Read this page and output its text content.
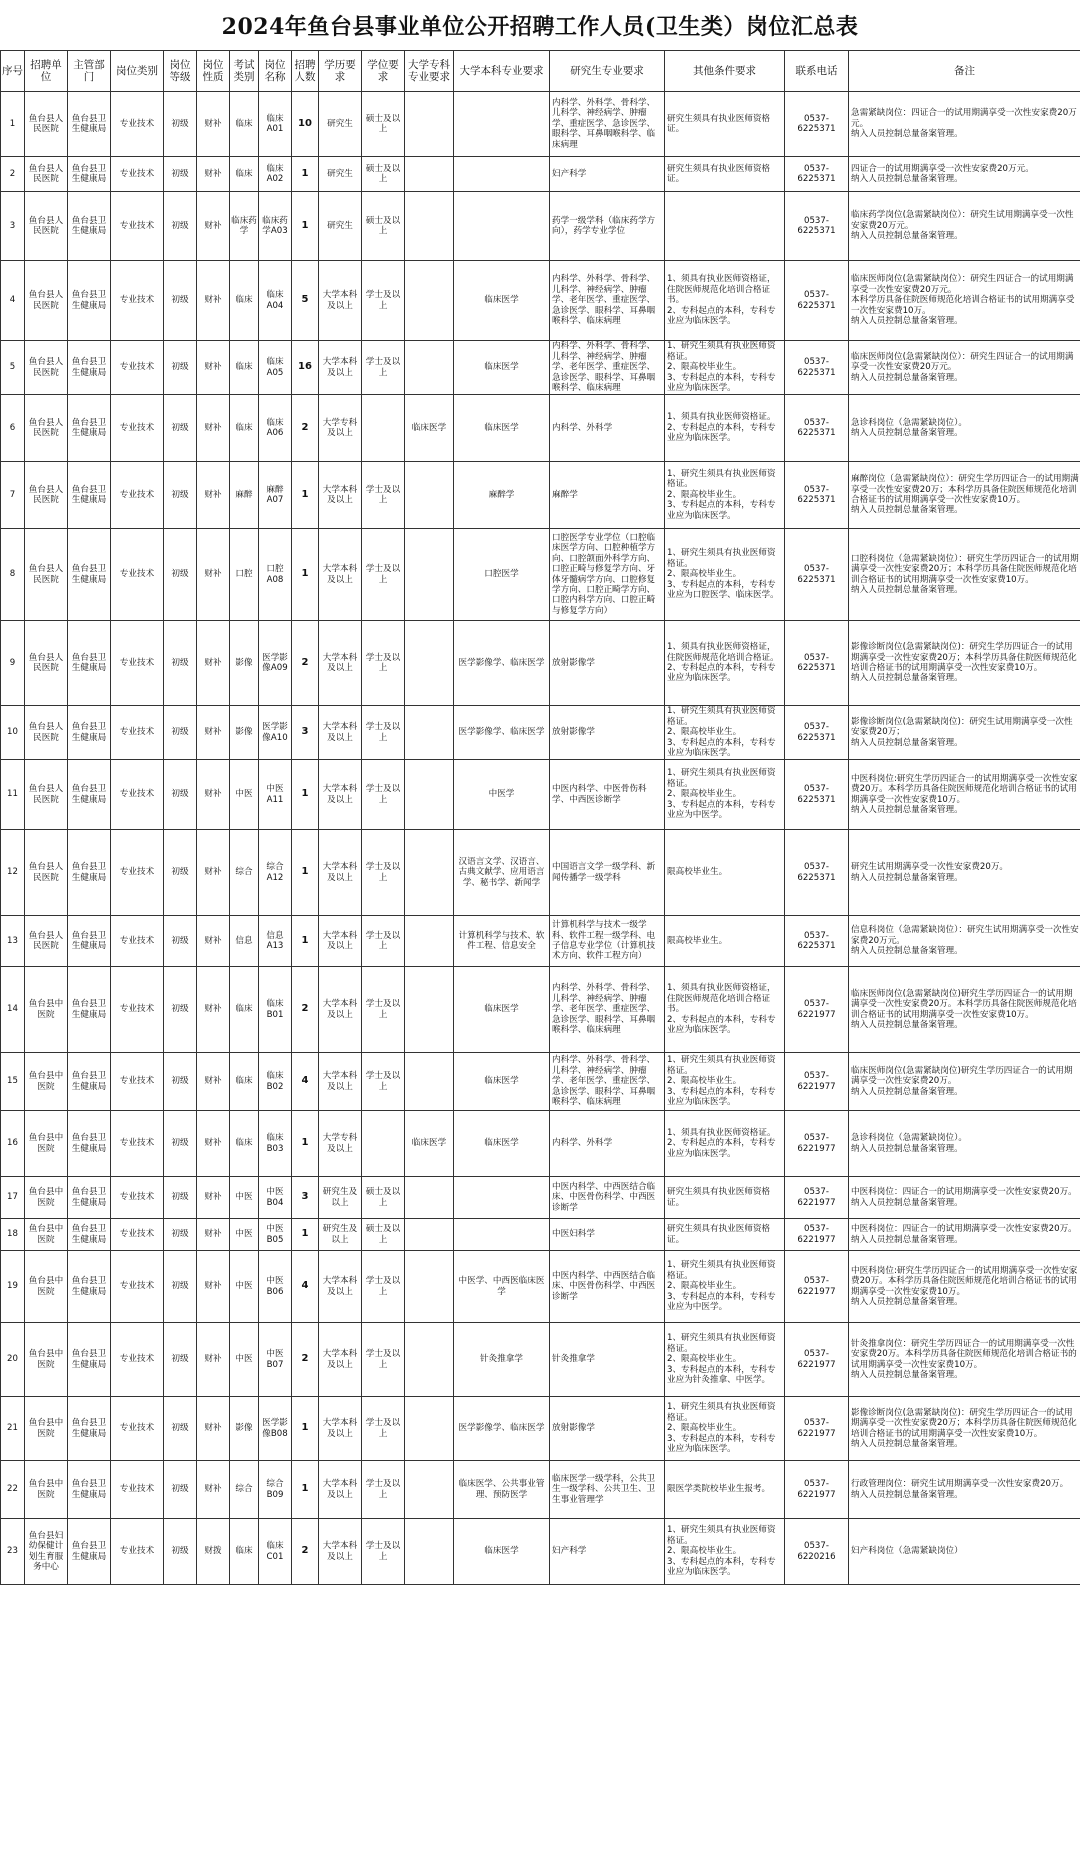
2024年鱼台县事业单位公开招聘工作人员(卫生类）岗位汇总表
序号	招聘单位	主管部门	岗位类别	岗位等级	岗位性质	考试类别	岗位名称	招聘人数	学历要求	学位要求	大学专科专业要求	大学本科专业要求	研究生专业要求	其他条件要求	联系电话	备注
1	鱼台县人民医院	鱼台县卫生健康局	专业技术	初级	财补	临床	临床A01	10	研究生	硕士及以上			内科学、外科学、骨科学、儿科学、神经病学、肿瘤学、重症医学、急诊医学、眼科学、耳鼻咽喉科学、临床病理	研究生须具有执业医师资格证。	0537-6225371	急需紧缺岗位：四证合一的试用期满享受一次性安家费20万元。
纳入人员控制总量备案管理。
2	鱼台县人民医院	鱼台县卫生健康局	专业技术	初级	财补	临床	临床A02	1	研究生	硕士及以上			妇产科学	研究生须具有执业医师资格证。	0537-6225371	四证合一的试用期满享受一次性安家费20万元。
纳入人员控制总量备案管理。
3	鱼台县人民医院	鱼台县卫生健康局	专业技术	初级	财补	临床药学	临床药学A03	1	研究生	硕士及以上			药学一级学科（临床药学方向），药学专业学位		0537-6225371	临床药学岗位(急需紧缺岗位）：研究生试用期满享受一次性安家费20万元。
纳入人员控制总量备案管理。
4	鱼台县人民医院	鱼台县卫生健康局	专业技术	初级	财补	临床	临床A04	5	大学本科及以上	学士及以上		临床医学	内科学、外科学、骨科学、儿科学、神经病学、肿瘤学、老年医学、重症医学、急诊医学、眼科学、耳鼻咽喉科学、临床病理	1、须具有执业医师资格证，住院医师规范化培训合格证书。
2、专科起点的本科，专科专业应为临床医学。	0537-6225371	临床医师岗位(急需紧缺岗位）：研究生四证合一的试用期满享受一次性安家费20万元。
本科学历具备住院医师规范化培训合格证书的试用期满享受一次性安家费10万。
纳入人员控制总量备案管理。
5	鱼台县人民医院	鱼台县卫生健康局	专业技术	初级	财补	临床	临床A05	16	大学本科及以上	学士及以上		临床医学	内科学、外科学、骨科学、儿科学、神经病学、肿瘤学、老年医学、重症医学、急诊医学、眼科学、耳鼻咽喉科学、临床病理	1、研究生须具有执业医师资格证。
2、限高校毕业生。
3、专科起点的本科，专科专业应为临床医学。	0537-6225371	临床医师岗位(急需紧缺岗位）：研究生四证合一的试用期满享受一次性安家费20万元。
纳入人员控制总量备案管理。
6	鱼台县人民医院	鱼台县卫生健康局	专业技术	初级	财补	临床	临床A06	2	大学专科及以上		临床医学	临床医学	内科学、外科学	1、须具有执业医师资格证。
2、专科起点的本科，专科专业应为临床医学。	0537-6225371	急诊科岗位（急需紧缺岗位）。
纳入人员控制总量备案管理。
7	鱼台县人民医院	鱼台县卫生健康局	专业技术	初级	财补	麻醉	麻醉A07	1	大学本科及以上	学士及以上		麻醉学	麻醉学	1、研究生须具有执业医师资格证。
2、限高校毕业生。
3、专科起点的本科，专科专业应为临床医学。	0537-6225371	麻醉岗位（急需紧缺岗位）：研究生学历四证合一的试用期满享受一次性安家费20万；本科学历具备住院医师规范化培训合格证书的试用期满享受一次性安家费10万。
纳入人员控制总量备案管理。
8	鱼台县人民医院	鱼台县卫生健康局	专业技术	初级	财补	口腔	口腔A08	1	大学本科及以上	学士及以上		口腔医学	口腔医学专业学位（口腔临床医学方向、口腔种植学方向、口腔颌面外科学方向、口腔正畸与修复学方向、牙体牙髓病学方向、口腔修复学方向、口腔正畸学方向、口腔内科学方向、口腔正畸与修复学方向）	1、研究生须具有执业医师资格证。
2、限高校毕业生。
3、专科起点的本科，专科专业应为口腔医学、临床医学。	0537-6225371	口腔科岗位（急需紧缺岗位）：研究生学历四证合一的试用期满享受一次性安家费20万；本科学历具备住院医师规范化培训合格证书的试用期满享受一次性安家费10万。
纳入人员控制总量备案管理。
9	鱼台县人民医院	鱼台县卫生健康局	专业技术	初级	财补	影像	医学影像A09	2	大学本科及以上	学士及以上		医学影像学、临床医学	放射影像学	1、须具有执业医师资格证，住院医师规范化培训合格证。
2、专科起点的本科，专科专业应为临床医学。	0537-6225371	影像诊断岗位(急需紧缺岗位)：研究生学历四证合一的试用期满享受一次性安家费20万；本科学历具备住院医师规范化培训合格证书的试用期满享受一次性安家费10万。
纳入人员控制总量备案管理。
10	鱼台县人民医院	鱼台县卫生健康局	专业技术	初级	财补	影像	医学影像A10	3	大学本科及以上	学士及以上		医学影像学、临床医学	放射影像学	1、研究生须具有执业医师资格证。
2、限高校毕业生。
3、专科起点的本科，专科专业应为临床医学。	0537-6225371	影像诊断岗位(急需紧缺岗位)：研究生试用期满享受一次性安家费20万；
纳入人员控制总量备案管理。
11	鱼台县人民医院	鱼台县卫生健康局	专业技术	初级	财补	中医	中医A11	1	大学本科及以上	学士及以上		中医学	中医内科学、中医骨伤科学、中西医诊断学	1、研究生须具有执业医师资格证。
2、限高校毕业生。
3、专科起点的本科，专科专业应为中医学。	0537-6225371	中医科岗位:研究生学历四证合一的试用期满享受一次性安家费20万。本科学历具备住院医师规范化培训合格证书的试用期满享受一次性安家费10万。
纳入人员控制总量备案管理。
12	鱼台县人民医院	鱼台县卫生健康局	专业技术	初级	财补	综合	综合A12	1	大学本科及以上	学士及以上		汉语言文学、汉语言、古典文献学、应用语言学、秘书学、新闻学	中国语言文学一级学科、新闻传播学一级学科	限高校毕业生。	0537-6225371	研究生试用期满享受一次性安家费20万。
纳入人员控制总量备案管理。
13	鱼台县人民医院	鱼台县卫生健康局	专业技术	初级	财补	信息	信息A13	1	大学本科及以上	学士及以上		计算机科学与技术、软件工程、信息安全	计算机科学与技术一级学科、软件工程一级学科、电子信息专业学位（计算机技术方向、软件工程方向）	限高校毕业生。	0537-6225371	信息科岗位（急需紧缺岗位）：研究生试用期满享受一次性安家费20万元。
纳入人员控制总量备案管理。
14	鱼台县中医院	鱼台县卫生健康局	专业技术	初级	财补	临床	临床B01	2	大学本科及以上	学士及以上		临床医学	内科学、外科学、骨科学、儿科学、神经病学、肿瘤学、老年医学、重症医学、急诊医学、眼科学、耳鼻咽喉科学、临床病理	1、须具有执业医师资格证，住院医师规范化培训合格证书。
2、专科起点的本科，专科专业应为临床医学。	0537-6221977	临床医师岗位(急需紧缺岗位)研究生学历四证合一的试用期满享受一次性安家费20万。本科学历具备住院医师规范化培训合格证书的试用期满享受一次性安家费10万。
纳入人员控制总量备案管理。
15	鱼台县中医院	鱼台县卫生健康局	专业技术	初级	财补	临床	临床B02	4	大学本科及以上	学士及以上		临床医学	内科学、外科学、骨科学、儿科学、神经病学、肿瘤学、老年医学、重症医学、急诊医学、眼科学、耳鼻咽喉科学、临床病理	1、研究生须具有执业医师资格证。
2、限高校毕业生。
3、专科起点的本科，专科专业应为临床医学。	0537-6221977	临床医师岗位(急需紧缺岗位)研究生学历四证合一的试用期满享受一次性安家费20万。
纳入人员控制总量备案管理。
16	鱼台县中医院	鱼台县卫生健康局	专业技术	初级	财补	临床	临床B03	1	大学专科及以上		临床医学	临床医学	内科学、外科学	1、须具有执业医师资格证。
2、专科起点的本科，专科专业应为临床医学。	0537-6221977	急诊科岗位（急需紧缺岗位）。
纳入人员控制总量备案管理。
17	鱼台县中医院	鱼台县卫生健康局	专业技术	初级	财补	中医	中医B04	3	研究生及以上	硕士及以上			中医内科学、中西医结合临床、中医骨伤科学、中西医诊断学	研究生须具有执业医师资格证。	0537-6221977	中医科岗位：四证合一的试用期满享受一次性安家费20万。
纳入人员控制总量备案管理。
18	鱼台县中医院	鱼台县卫生健康局	专业技术	初级	财补	中医	中医B05	1	研究生及以上	硕士及以上			中医妇科学	研究生须具有执业医师资格证。	0537-6221977	中医科岗位：四证合一的试用期满享受一次性安家费20万。
纳入人员控制总量备案管理。
19	鱼台县中医院	鱼台县卫生健康局	专业技术	初级	财补	中医	中医B06	4	大学本科及以上	学士及以上		中医学、中西医临床医学	中医内科学、中西医结合临床、中医骨伤科学、中西医诊断学	1、研究生须具有执业医师资格证。
2、限高校毕业生。
3、专科起点的本科，专科专业应为中医学。	0537-6221977	中医科岗位:研究生学历四证合一的试用期满享受一次性安家费20万。本科学历具备住院医师规范化培训合格证书的试用期满享受一次性安家费10万。
纳入人员控制总量备案管理。
20	鱼台县中医院	鱼台县卫生健康局	专业技术	初级	财补	中医	中医B07	2	大学本科及以上	学士及以上		针灸推拿学	针灸推拿学	1、研究生须具有执业医师资格证。
2、限高校毕业生。
3、专科起点的本科，专科专业应为针灸推拿、中医学。	0537-6221977	针灸推拿岗位：研究生学历四证合一的试用期满享受一次性安家费20万。本科学历具备住院医师规范化培训合格证书的试用期满享受一次性安家费10万。
纳入人员控制总量备案管理。
21	鱼台县中医院	鱼台县卫生健康局	专业技术	初级	财补	影像	医学影像B08	1	大学本科及以上	学士及以上		医学影像学、临床医学	放射影像学	1、研究生须具有执业医师资格证。
2、限高校毕业生。
3、专科起点的本科，专科专业应为临床医学。	0537-6221977	影像诊断岗位(急需紧缺岗位)：研究生学历四证合一的试用期满享受一次性安家费20万；本科学历具备住院医师规范化培训合格证书的试用期满享受一次性安家费10万。
纳入人员控制总量备案管理。
22	鱼台县中医院	鱼台县卫生健康局	专业技术	初级	财补	综合	综合B09	1	大学本科及以上	学士及以上		临床医学、公共事业管理、预防医学	临床医学一级学科，公共卫生一级学科、公共卫生、卫生事业管理学	限医学类院校毕业生报考。	0537-6221977	行政管理岗位：研究生试用期满享受一次性安家费20万。
纳入人员控制总量备案管理。
23	鱼台县妇幼保健计划生育服务中心	鱼台县卫生健康局	专业技术	初级	财拨	临床	临床C01	2	大学本科及以上	学士及以上		临床医学	妇产科学	1、研究生须具有执业医师资格证。
2、限高校毕业生。
3、专科起点的本科，专科专业应为临床医学。	0537-6220216	妇产科岗位（急需紧缺岗位）
